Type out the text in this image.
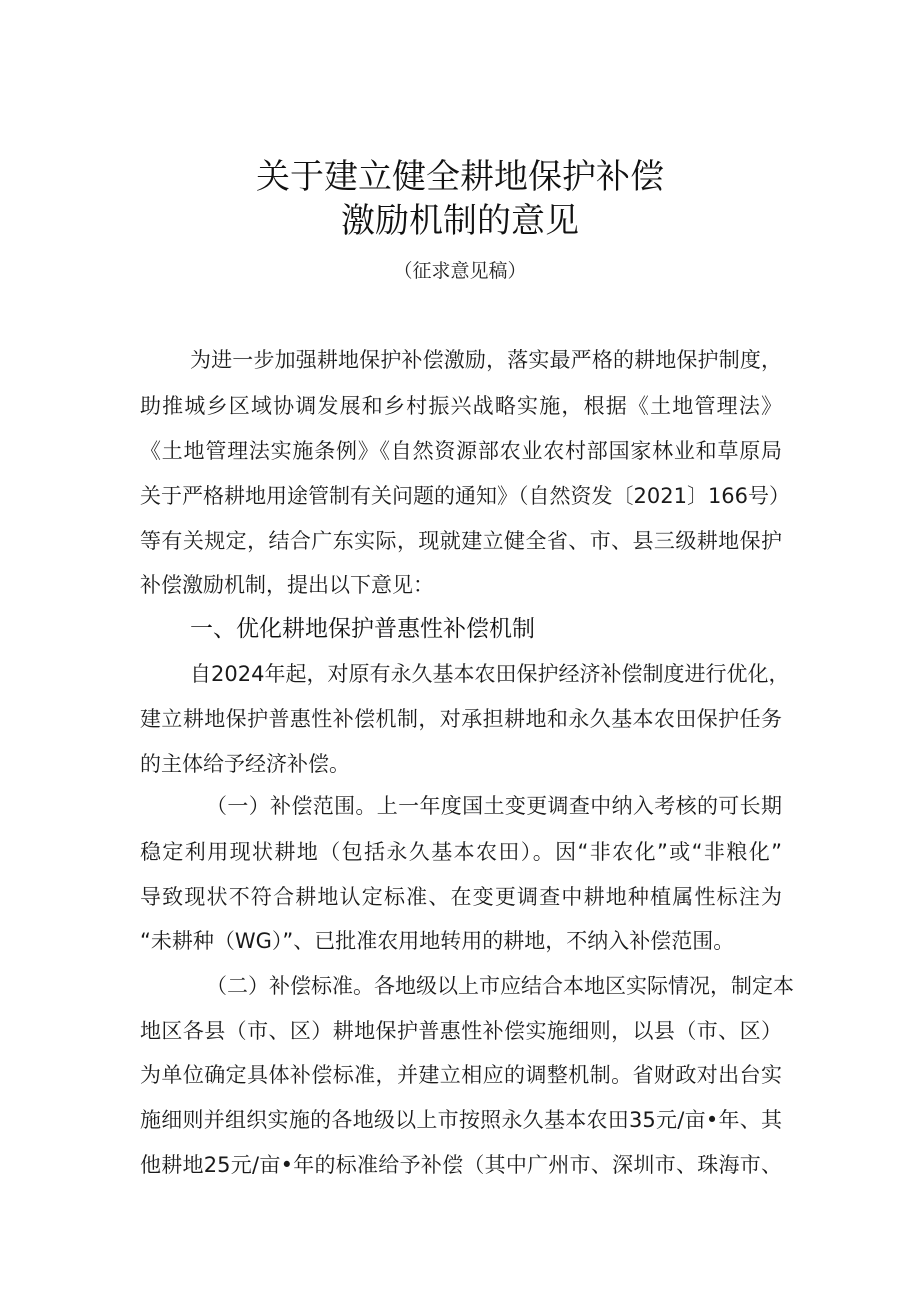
关于建立健全耕地保护补偿
激励机制的意见
（征求意见稿）
为进一步加强耕地保护补偿激励，落实最严格的耕地保护制度，
助推城乡区域协调发展和乡村振兴战略实施，根据《土地管理法》
《土地管理法实施条例》《自然资源部农业农村部国家林业和草原局
关于严格耕地用途管制有关问题的通知》（自然资发〔2021〕166号）
等有关规定，结合广东实际，现就建立健全省、市、县三级耕地保护
补偿激励机制，提出以下意见：
一、优化耕地保护普惠性补偿机制
自2024年起，对原有永久基本农田保护经济补偿制度进行优化，
建立耕地保护普惠性补偿机制，对承担耕地和永久基本农田保护任务
的主体给予经济补偿。
（一）补偿范围。上一年度国土变更调查中纳入考核的可长期
稳定利用现状耕地（包括永久基本农田）。因“非农化”或“非粮化”
导致现状不符合耕地认定标准、在变更调查中耕地种植属性标注为
“未耕种（WG）”、已批准农用地转用的耕地，不纳入补偿范围。
（二）补偿标准。各地级以上市应结合本地区实际情况，制定本
地区各县（市、区）耕地保护普惠性补偿实施细则，以县（市、区）
为单位确定具体补偿标准，并建立相应的调整机制。省财政对出台实
施细则并组织实施的各地级以上市按照永久基本农田35元/亩•年、其
他耕地25元/亩•年的标准给予补偿（其中广州市、深圳市、珠海市、
